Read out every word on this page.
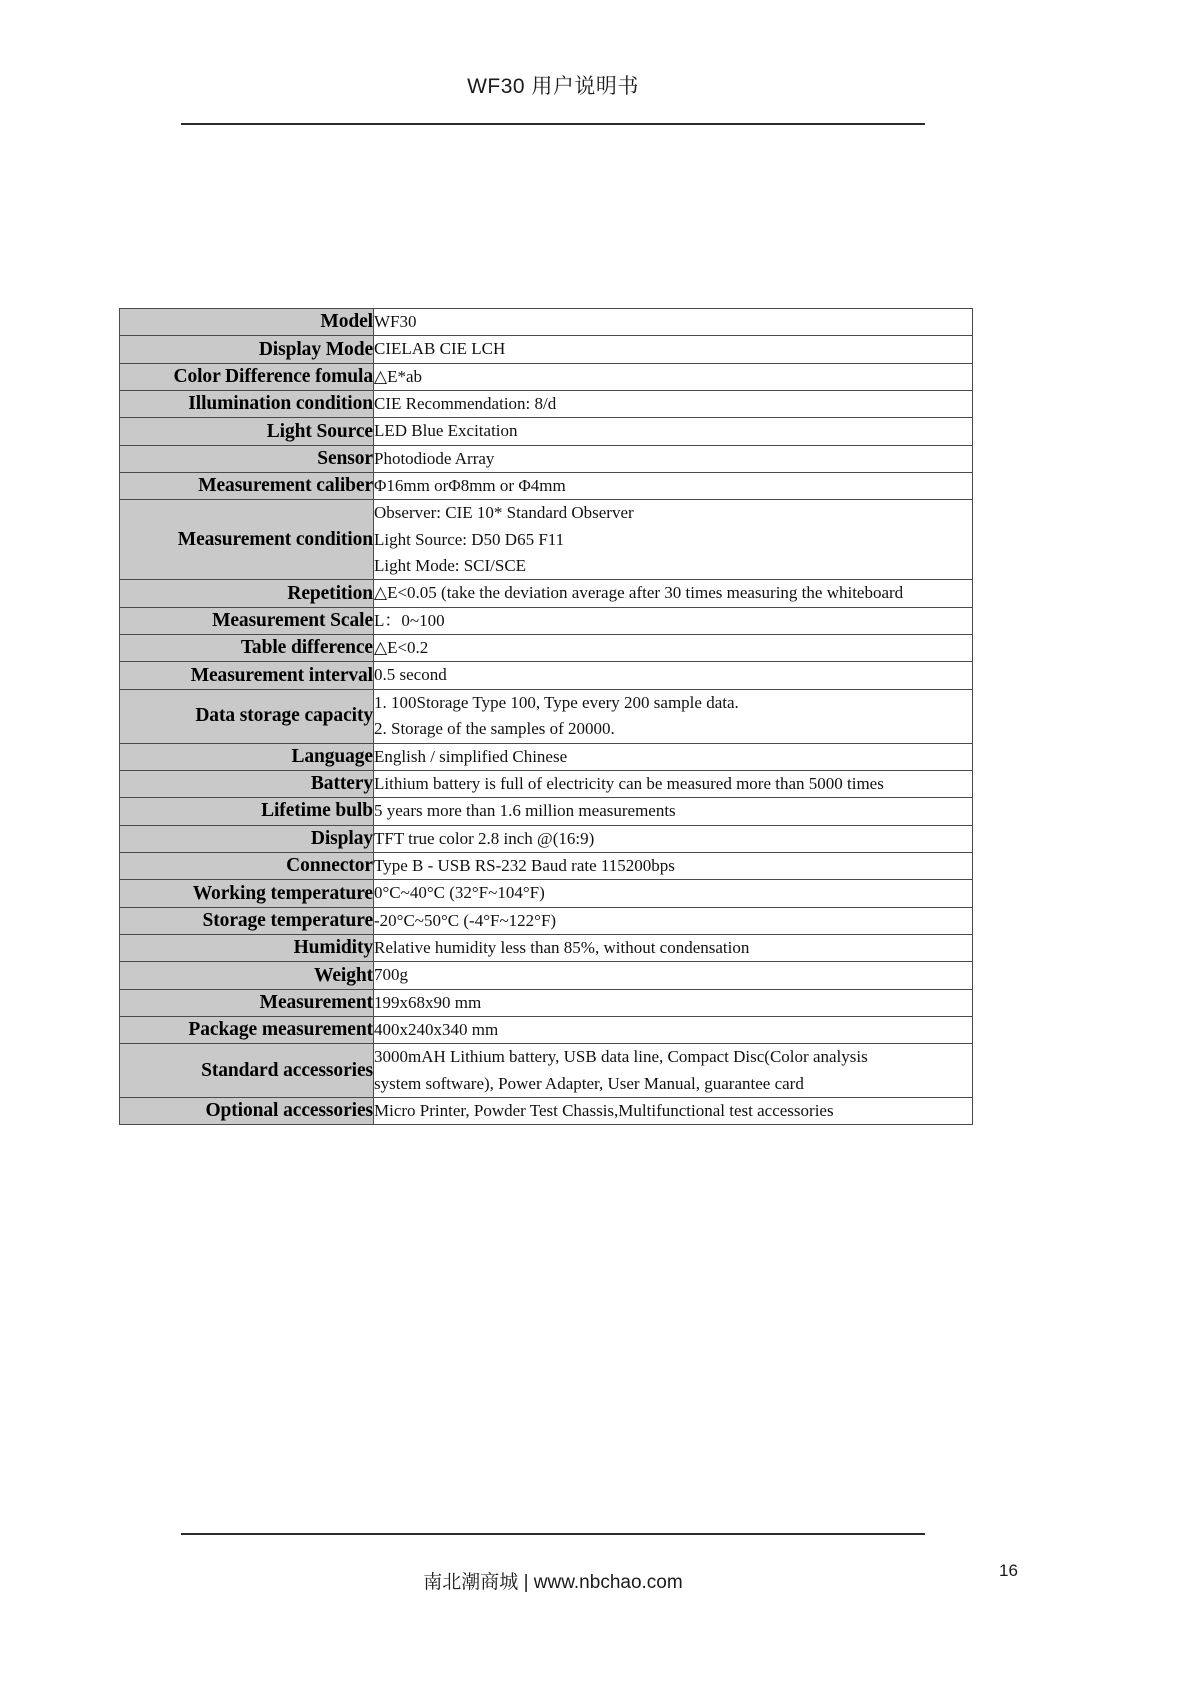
WF30 用户说明书
Model	WF30

Display Mode	CIELAB CIE LCH

Color Difference fomula	△E*ab

Illumination condition	CIE Recommendation: 8/d

Light Source	LED Blue Excitation

Sensor	Photodiode Array

Measurement caliber	Φ16mm orΦ8mm or Φ4mm

Measurement condition	Observer: CIE 10* Standard Observer
Light Source: D50 D65 F11
Light Mode: SCI/SCE

Repetition	△E<0.05 (take the deviation average after 30 times measuring the whiteboard

Measurement Scale	L：0~100

Table difference	△E<0.2

Measurement interval	0.5 second

Data storage capacity	1. 100Storage Type 100, Type every 200 sample data.
2. Storage of the samples of 20000.

Language	English / simplified Chinese

Battery	Lithium battery is full of electricity can be measured more than 5000 times

Lifetime bulb	5 years more than 1.6 million measurements

Display	TFT true color 2.8 inch @(16:9)

Connector	Type B - USB RS-232 Baud rate 115200bps

Working temperature	0°C~40°C (32°F~104°F)

Storage temperature	-20°C~50°C (-4°F~122°F)

Humidity	Relative humidity less than 85%, without condensation

Weight	700g

Measurement	199x68x90 mm

Package measurement	400x240x340 mm

Standard accessories	3000mAH Lithium battery, USB data line, Compact Disc(Color analysis
system software), Power Adapter, User Manual, guarantee card

Optional accessories	Micro Printer, Powder Test Chassis,Multifunctional test accessories
南北潮商城 | www.nbchao.com
16
